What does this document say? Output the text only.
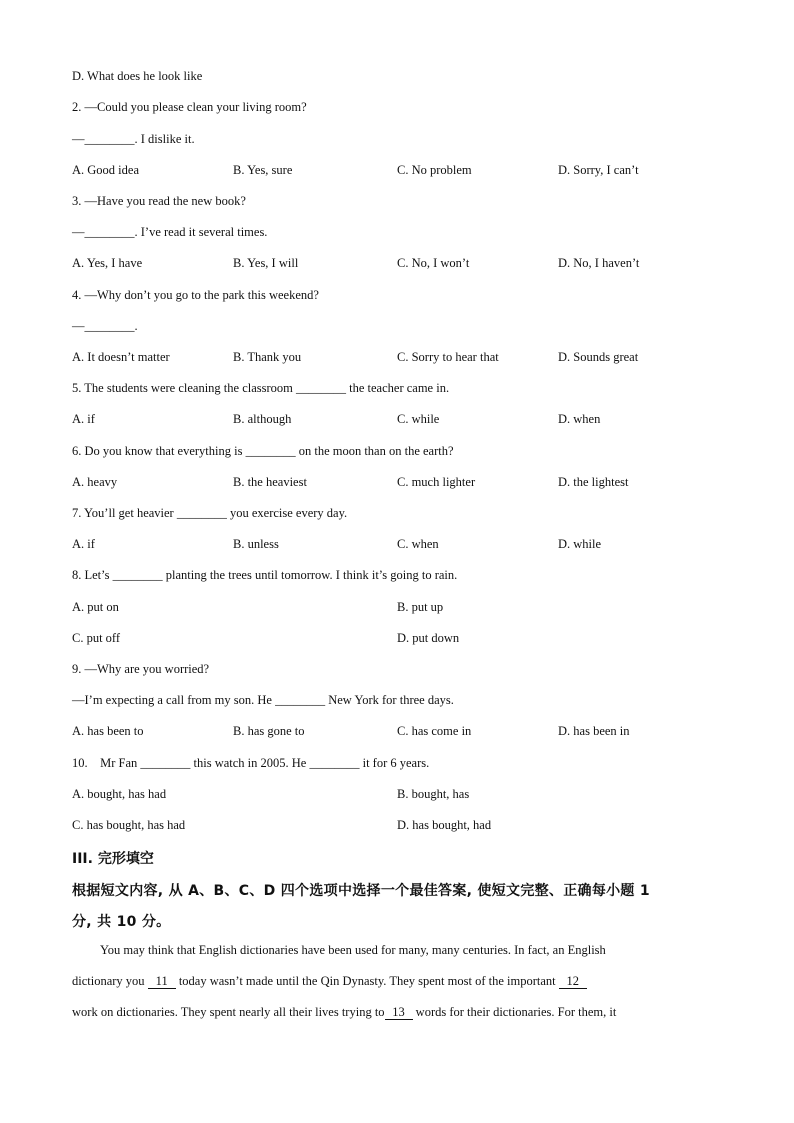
D. What does he look like
2. —Could you please clean your living room?
—________. I dislike it.
A. Good idea	B. Yes, sure	C. No problem	D. Sorry, I can’t
3. —Have you read the new book?
—________. I’ve read it several times.
A. Yes, I have	B. Yes, I will	C. No, I won’t	D. No, I haven’t
4. —Why don’t you go to the park this weekend?
—________.
A. It doesn’t matter	B. Thank you	C. Sorry to hear that	D. Sounds great
5. The students were cleaning the classroom ________ the teacher came in.
A. if	B. although	C. while	D. when
6. Do you know that everything is ________ on the moon than on the earth?
A. heavy	B. the heaviest	C. much lighter	D. the lightest
7. You’ll get heavier ________ you exercise every day.
A. if	B. unless	C. when	D. while
8. Let’s ________ planting the trees until tomorrow. I think it’s going to rain.
A. put on	B. put up
C. put off	D. put down
9. —Why are you worried?
—I’m expecting a call from my son. He ________ New York for three days.
A. has been to	B. has gone to	C. has come in	D. has been in
10.    Mr Fan ________ this watch in 2005. He ________ it for 6 years.
A. bought, has had	B. bought, has
C. has bought, has had	D. has bought, had
III. 完形填空
根据短文内容, 从 A、B、C、D 四个选项中选择一个最佳答案, 使短文完整、正确每小题 1
分, 共 10 分。
You may think that English dictionaries have been used for many, many centuries. In fact, an English
dictionary you 11 today wasn’t made until the Qin Dynasty. They spent most of the important 12
work on dictionaries. They spent nearly all their lives trying to 13 words for their dictionaries. For them, it
